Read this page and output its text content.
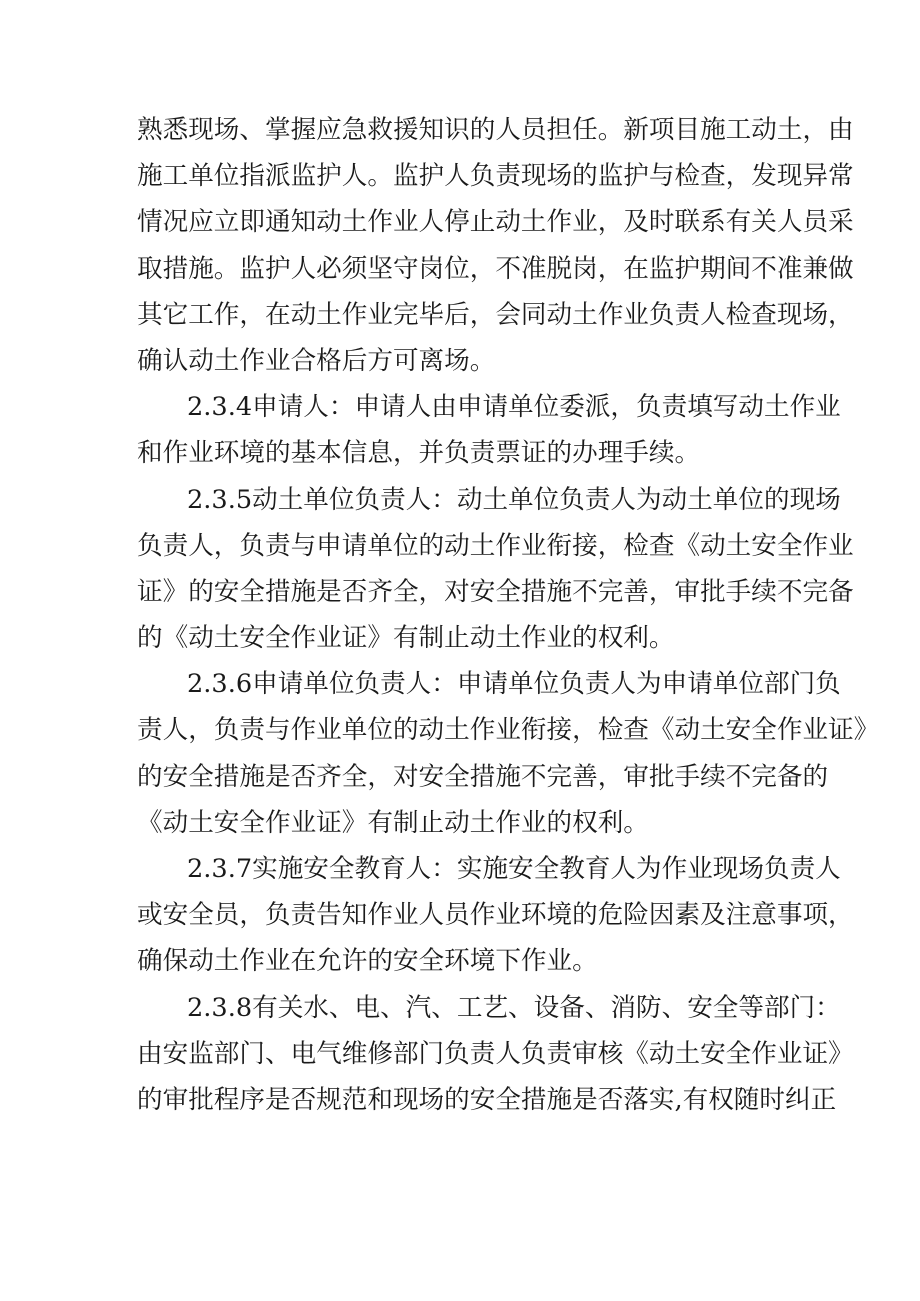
熟悉现场、掌握应急救援知识的人员担任。新项目施工动土，由
施工单位指派监护人。监护人负责现场的监护与检查，发现异常
情况应立即通知动土作业人停止动土作业，及时联系有关人员采
取措施。监护人必须坚守岗位，不准脱岗，在监护期间不准兼做
其它工作，在动土作业完毕后，会同动土作业负责人检查现场，
确认动土作业合格后方可离场。
2.3.4申请人：申请人由申请单位委派，负责填写动土作业
和作业环境的基本信息，并负责票证的办理手续。
2.3.5动土单位负责人：动土单位负责人为动土单位的现场
负责人，负责与申请单位的动土作业衔接，检查《动土安全作业
证》的安全措施是否齐全，对安全措施不完善，审批手续不完备
的《动土安全作业证》有制止动土作业的权利。
2.3.6申请单位负责人：申请单位负责人为申请单位部门负
责人，负责与作业单位的动土作业衔接，检查《动土安全作业证》
的安全措施是否齐全，对安全措施不完善，审批手续不完备的
《动土安全作业证》有制止动土作业的权利。
2.3.7实施安全教育人：实施安全教育人为作业现场负责人
或安全员，负责告知作业人员作业环境的危险因素及注意事项，
确保动土作业在允许的安全环境下作业。
2.3.8有关水、电、汽、工艺、设备、消防、安全等部门：
由安监部门、电气维修部门负责人负责审核《动土安全作业证》
的审批程序是否规范和现场的安全措施是否落实,有权随时纠正
